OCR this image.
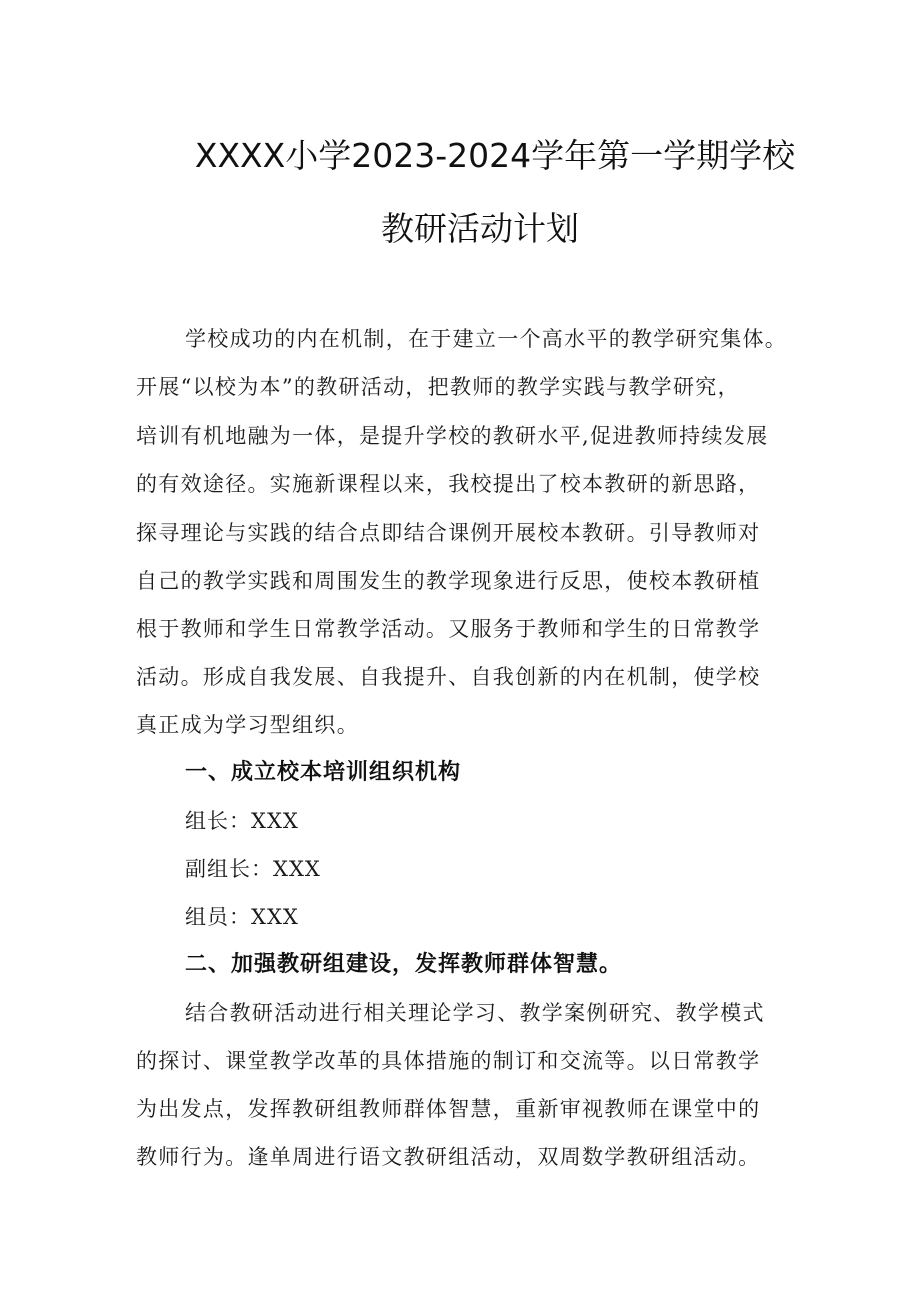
XXXX小学2023-2024学年第一学期学校
教研活动计划
学校成功的内在机制，在于建立一个高水平的教学研究集体。
开展“以校为本”的教研活动，把教师的教学实践与教学研究，
培训有机地融为一体，是提升学校的教研水平,促进教师持续发展
的有效途径。实施新课程以来，我校提出了校本教研的新思路，
探寻理论与实践的结合点即结合课例开展校本教研。引导教师对
自己的教学实践和周围发生的教学现象进行反思，使校本教研植
根于教师和学生日常教学活动。又服务于教师和学生的日常教学
活动。形成自我发展、自我提升、自我创新的内在机制，使学校
真正成为学习型组织。
一、成立校本培训组织机构
组长：XXX
副组长：XXX
组员：XXX
二、加强教研组建设，发挥教师群体智慧。
结合教研活动进行相关理论学习、教学案例研究、教学模式
的探讨、课堂教学改革的具体措施的制订和交流等。以日常教学
为出发点，发挥教研组教师群体智慧，重新审视教师在课堂中的
教师行为。逢单周进行语文教研组活动，双周数学教研组活动。
